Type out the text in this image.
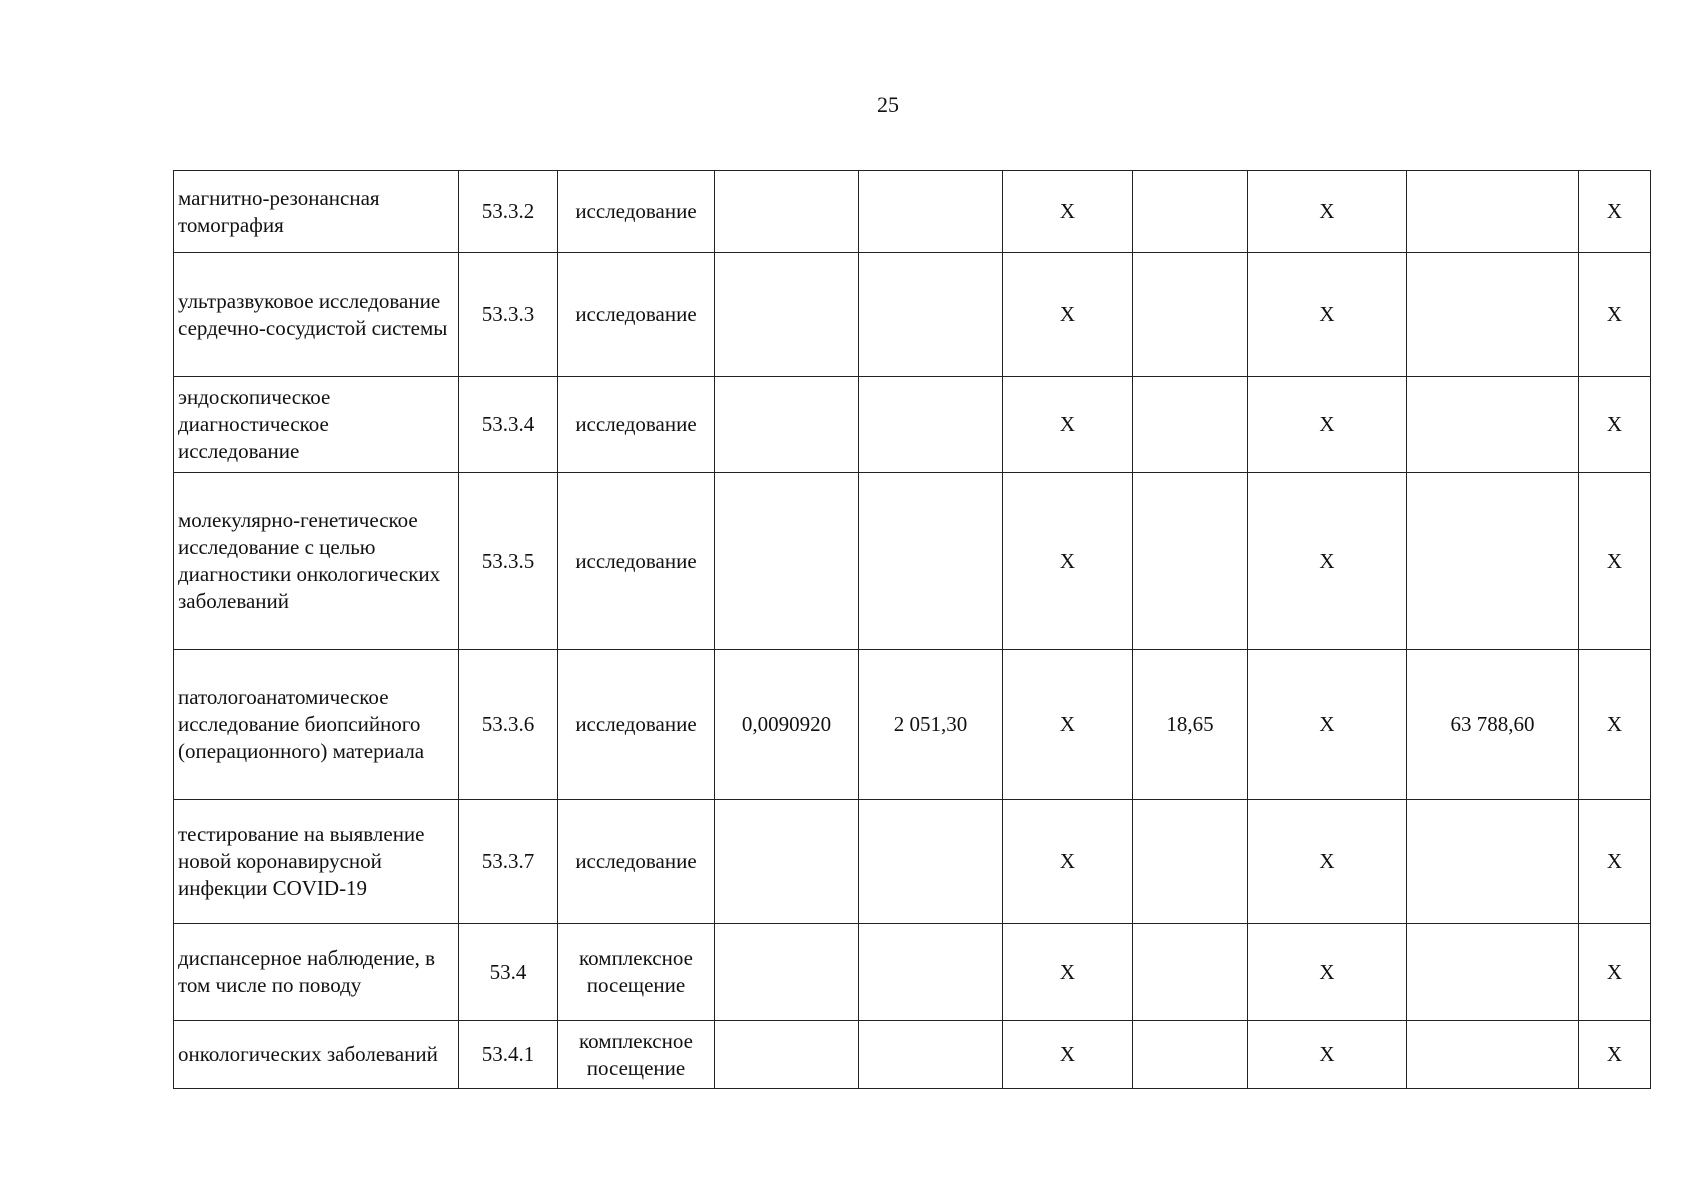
25
магнитно-резонансная томография	53.3.2	исследование			X		X		X
ультразвуковое исследование сердечно-сосудистой системы	53.3.3	исследование			X		X		X
эндоскопическое диагностическое исследование	53.3.4	исследование			X		X		X
молекулярно-генетическое исследование с целью диагностики онкологических заболеваний	53.3.5	исследование			X		X		X
патологоанатомическое исследование биопсийного (операционного) материала	53.3.6	исследование	0,0090920	2 051,30	X	18,65	X	63 788,60	X
тестирование на выявление новой коронавирусной инфекции COVID-19	53.3.7	исследование			X		X		X
диспансерное наблюдение, в том числе по поводу	53.4	комплексное посещение			X		X		X
онкологических заболеваний	53.4.1	комплексное посещение			X		X		X
